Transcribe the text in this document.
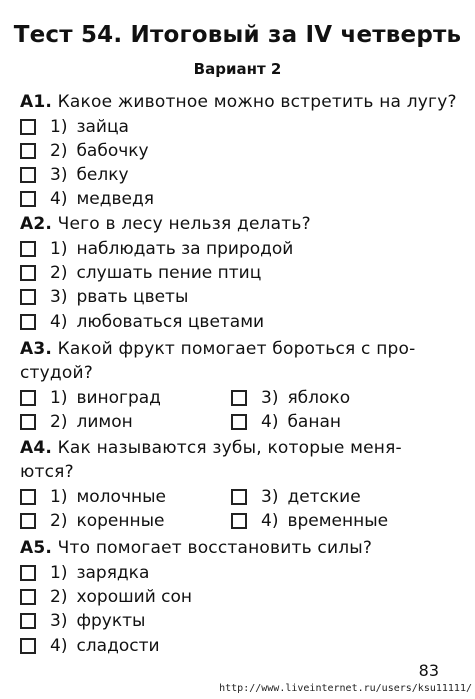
Тест 54. Итоговый за IV четверть
Вариант 2
А1. Какое животное можно встретить на лугу?
1) зайца
2) бабочку
3) белку
4) медведя
А2. Чего в лесу нельзя делать?
1) наблюдать за природой
2) слушать пение птиц
3) рвать цветы
4) любоваться цветами
А3. Какой фрукт помогает бороться с про-
студой?
1) виноград
2) лимон
3) яблоко
4) банан
А4. Как называются зубы, которые меня-
ются?
1) молочные
2) коренные
3) детские
4) временные
А5. Что помогает восстановить силы?
1) зарядка
2) хороший сон
3) фрукты
4) сладости
83
http://www.liveinternet.ru/users/ksu11111/
